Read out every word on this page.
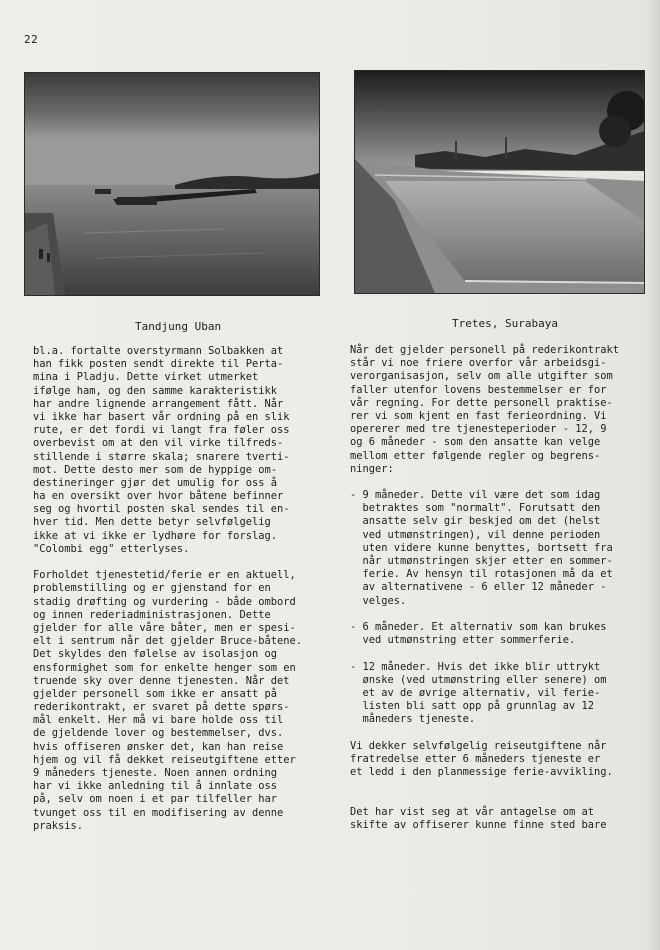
22
Tandjung Uban	Tretes, Surabaya
bl.a. fortalte overstyrmann Solbakken at
han fikk posten sendt direkte til Perta-
mina i Pladju. Dette virket utmerket
ifølge ham, og den samme karakteristikk
har andre lignende arrangement fått. Når
vi ikke har basert vår ordning på en slik
rute, er det fordi vi langt fra føler oss
overbevist om at den vil virke tilfreds-
stillende i større skala; snarere tverti-
mot. Dette desto mer som de hyppige om-
destineringer gjør det umulig for oss å
ha en oversikt over hvor båtene befinner
seg og hvortil posten skal sendes til en-
hver tid. Men dette betyr selvfølgelig
ikke at vi ikke er lydhøre for forslag.
"Colombi egg" etterlyses.
Forholdet tjenestetid/ferie er en aktuell,
problemstilling og er gjenstand for en
stadig drøfting og vurdering - både ombord
og innen rederiadministrasjonen. Dette
gjelder for alle våre båter, men er spesi-
elt i sentrum når det gjelder Bruce-båtene.
Det skyldes den følelse av isolasjon og
ensformighet som for enkelte henger som en
truende sky over denne tjenesten. Når det
gjelder personell som ikke er ansatt på
rederikontrakt, er svaret på dette spørs-
mål enkelt. Her må vi bare holde oss til
de gjeldende lover og bestemmelser, dvs.
hvis offiseren ønsker det, kan han reise
hjem og vil få dekket reiseutgiftene etter
9 måneders tjeneste. Noen annen ordning
har vi ikke anledning til å innlate oss
på, selv om noen i et par tilfeller har
tvunget oss til en modifisering av denne
praksis.
Når det gjelder personell på rederikontrakt
står vi noe friere overfor vår arbeidsgi-
verorganisasjon, selv om alle utgifter som
faller utenfor lovens bestemmelser er for
vår regning. For dette personell praktise-
rer vi som kjent en fast ferieordning. Vi
opererer med tre tjenesteperioder - 12, 9
og 6 måneder - som den ansatte kan velge
mellom etter følgende regler og begrens-
ninger:
- 9 måneder. Dette vil være det som idag
betraktes som "normalt". Forutsatt den
ansatte selv gir beskjed om det (helst
ved utmønstringen), vil denne perioden
uten videre kunne benyttes, bortsett fra
når utmønstringen skjer etter en sommer-
ferie. Av hensyn til rotasjonen må da et
av alternativene - 6 eller 12 måneder -
velges.
- 6 måneder. Et alternativ som kan brukes
ved utmønstring etter sommerferie.
- 12 måneder. Hvis det ikke blir uttrykt
ønske (ved utmønstring eller senere) om
et av de øvrige alternativ, vil ferie-
listen bli satt opp på grunnlag av 12
måneders tjeneste.
Vi dekker selvfølgelig reiseutgiftene når
fratredelse etter 6 måneders tjeneste er
et ledd i den planmessige ferie-avvikling.
Det har vist seg at vår antagelse om at
skifte av offiserer kunne finne sted bare
